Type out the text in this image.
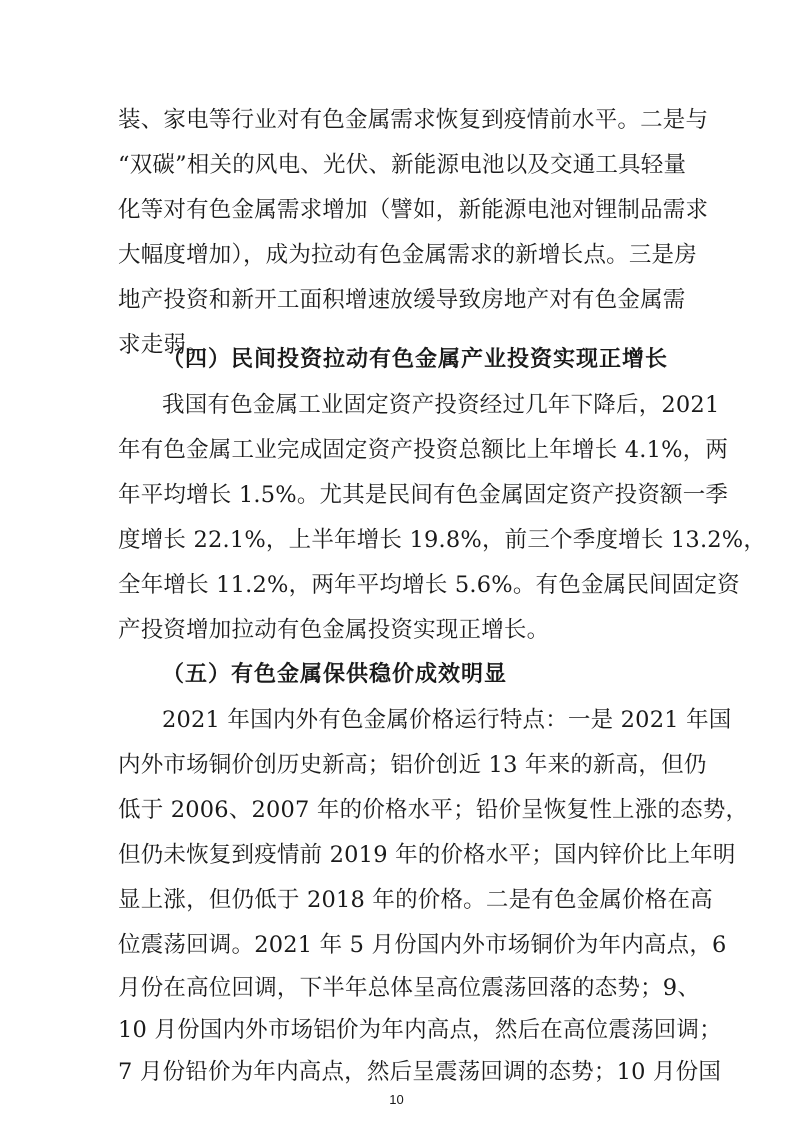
装、家电等行业对有色金属需求恢复到疫情前水平。二是与
“双碳”相关的风电、光伏、新能源电池以及交通工具轻量
化等对有色金属需求增加（譬如，新能源电池对锂制品需求
大幅度增加），成为拉动有色金属需求的新增长点。三是房
地产投资和新开工面积增速放缓导致房地产对有色金属需
求走弱。
（四）民间投资拉动有色金属产业投资实现正增长
我国有色金属工业固定资产投资经过几年下降后，2021
年有色金属工业完成固定资产投资总额比上年增长 4.1%，两
年平均增长 1.5%。尤其是民间有色金属固定资产投资额一季
度增长 22.1%，上半年增长 19.8%，前三个季度增长 13.2%，
全年增长 11.2%，两年平均增长 5.6%。有色金属民间固定资
产投资增加拉动有色金属投资实现正增长。
（五）有色金属保供稳价成效明显
2021 年国内外有色金属价格运行特点：一是 2021 年国
内外市场铜价创历史新高；铝价创近 13 年来的新高，但仍
低于 2006、2007 年的价格水平；铅价呈恢复性上涨的态势，
但仍未恢复到疫情前 2019 年的价格水平；国内锌价比上年明
显上涨，但仍低于 2018 年的价格。二是有色金属价格在高
位震荡回调。2021 年 5 月份国内外市场铜价为年内高点，6
月份在高位回调，下半年总体呈高位震荡回落的态势；9、
10 月份国内外市场铝价为年内高点，然后在高位震荡回调；
7 月份铅价为年内高点，然后呈震荡回调的态势；10 月份国
10
